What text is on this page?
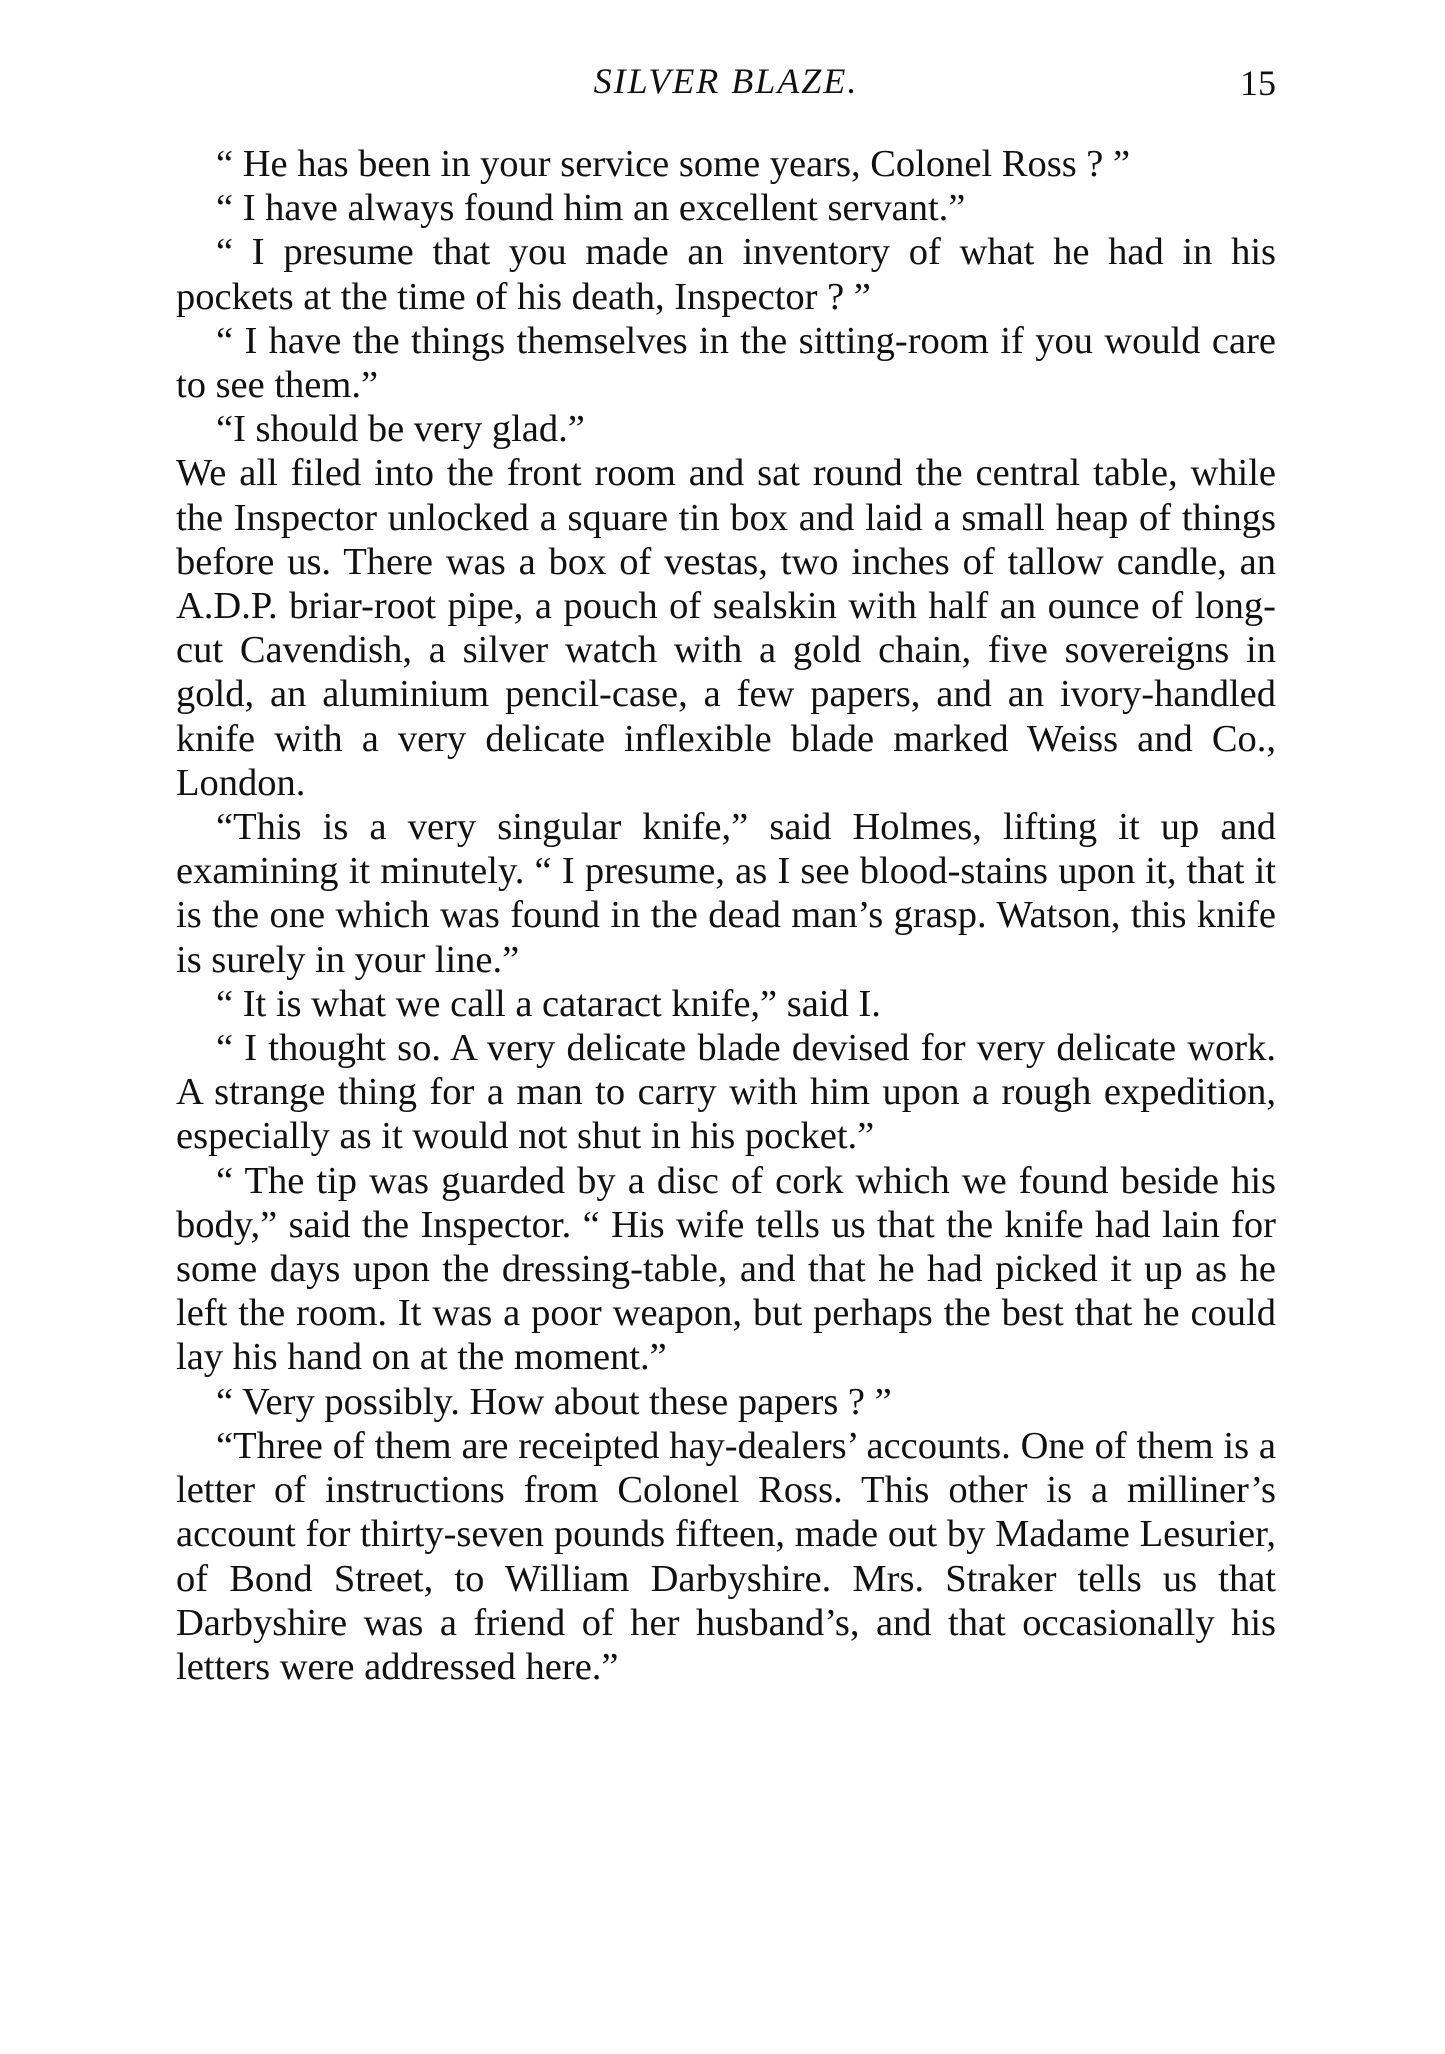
SILVER BLAZE.	15

“ He has been in your service some years, Colonel Ross ? ”

“ I have always found him an excellent servant.”

“ I presume that you made an inventory of what he had in his pockets at the time of his death, Inspector ? ”

“ I have the things themselves in the sitting-room if you would care to see them.”

“I should be very glad.”

We all filed into the front room and sat round the central table, while the Inspector unlocked a square tin box and laid a small heap of things before us. There was a box of vestas, two inches of tallow candle, an A.D.P. briar-root pipe, a pouch of sealskin with half an ounce of long-cut Cavendish, a silver watch with a gold chain, five sovereigns in gold, an aluminium pencil-case, a few papers, and an ivory-handled knife with a very delicate inflexible blade marked Weiss and Co., London.

“This is a very singular knife,” said Holmes, lifting it up and examining it minutely. “ I presume, as I see blood-stains upon it, that it is the one which was found in the dead man’s grasp. Watson, this knife is surely in your line.”

“ It is what we call a cataract knife,” said I.

“ I thought so. A very delicate blade devised for very delicate work. A strange thing for a man to carry with him upon a rough expedition, especially as it would not shut in his pocket.”

“ The tip was guarded by a disc of cork which we found beside his body,” said the Inspector. “ His wife tells us that the knife had lain for some days upon the dressing-table, and that he had picked it up as he left the room. It was a poor weapon, but perhaps the best that he could lay his hand on at the moment.”

“ Very possibly. How about these papers ? ”

“Three of them are receipted hay-dealers’ accounts. One of them is a letter of instructions from Colonel Ross. This other is a milliner’s account for thirty-seven pounds fifteen, made out by Madame Lesurier, of Bond Street, to William Darbyshire. Mrs. Straker tells us that Darbyshire was a friend of her husband’s, and that occasionally his letters were addressed here.”
